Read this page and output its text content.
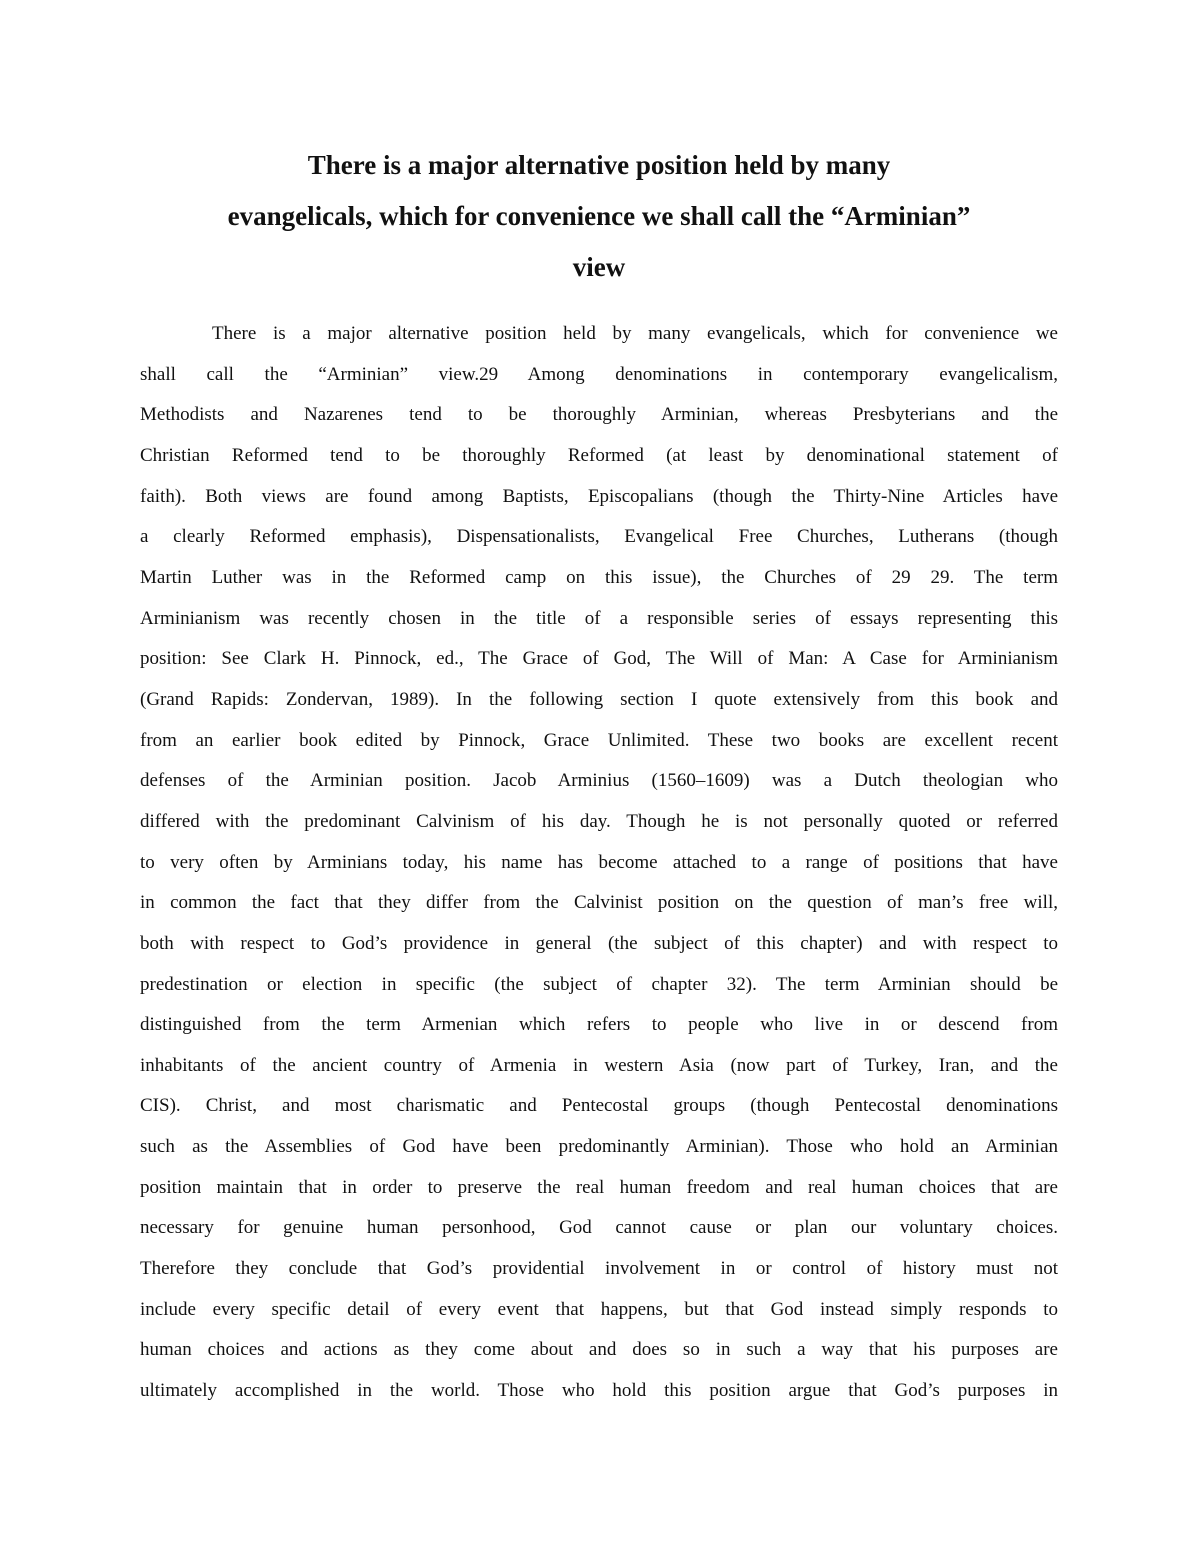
There is a major alternative position held by many
evangelicals, which for convenience we shall call the “Arminian”
view
There is a major alternative position held by many evangelicals, which for convenience we
shall call the “Arminian” view.29 Among denominations in contemporary evangelicalism,
Methodists and Nazarenes tend to be thoroughly Arminian, whereas Presbyterians and the
Christian Reformed tend to be thoroughly Reformed (at least by denominational statement of
faith). Both views are found among Baptists, Episcopalians (though the Thirty-Nine Articles have
a clearly Reformed emphasis), Dispensationalists, Evangelical Free Churches, Lutherans (though
Martin Luther was in the Reformed camp on this issue), the Churches of 29 29. The term
Arminianism was recently chosen in the title of a responsible series of essays representing this
position: See Clark H. Pinnock, ed., The Grace of God, The Will of Man: A Case for Arminianism
(Grand Rapids: Zondervan, 1989). In the following section I quote extensively from this book and
from an earlier book edited by Pinnock, Grace Unlimited. These two books are excellent recent
defenses of the Arminian position. Jacob Arminius (1560–1609) was a Dutch theologian who
differed with the predominant Calvinism of his day. Though he is not personally quoted or referred
to very often by Arminians today, his name has become attached to a range of positions that have
in common the fact that they differ from the Calvinist position on the question of man’s free will,
both with respect to God’s providence in general (the subject of this chapter) and with respect to
predestination or election in specific (the subject of chapter 32). The term Arminian should be
distinguished from the term Armenian which refers to people who live in or descend from
inhabitants of the ancient country of Armenia in western Asia (now part of Turkey, Iran, and the
CIS). Christ, and most charismatic and Pentecostal groups (though Pentecostal denominations
such as the Assemblies of God have been predominantly Arminian). Those who hold an Arminian
position maintain that in order to preserve the real human freedom and real human choices that are
necessary for genuine human personhood, God cannot cause or plan our voluntary choices.
Therefore they conclude that God’s providential involvement in or control of history must not
include every specific detail of every event that happens, but that God instead simply responds to
human choices and actions as they come about and does so in such a way that his purposes are
ultimately accomplished in the world. Those who hold this position argue that God’s purposes in
